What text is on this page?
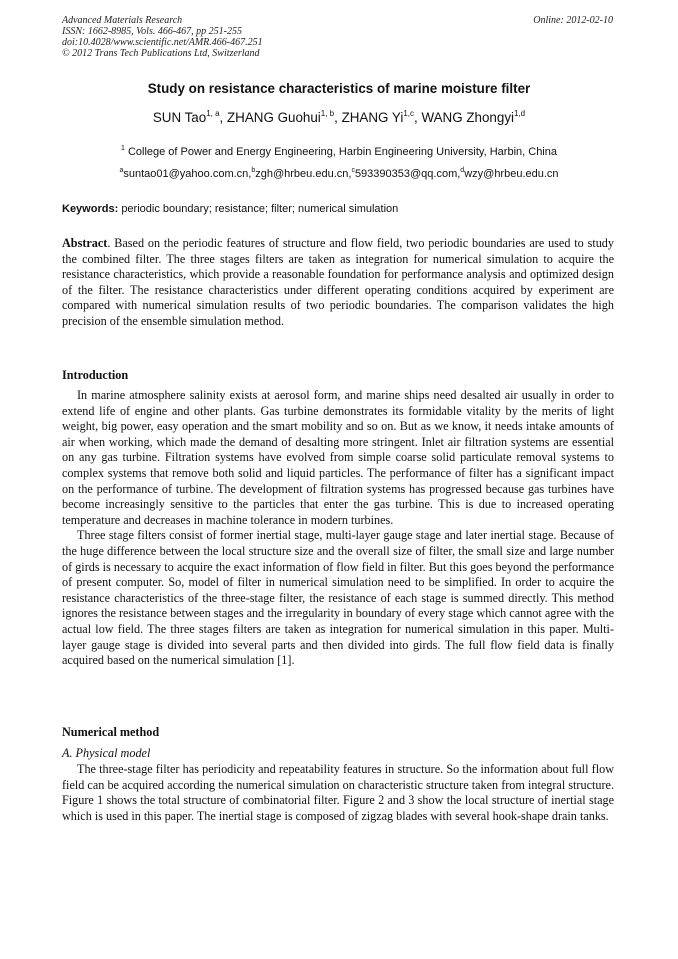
Advanced Materials Research
ISSN: 1662-8985, Vols. 466-467, pp 251-255
doi:10.4028/www.scientific.net/AMR.466-467.251
© 2012 Trans Tech Publications Ltd, Switzerland
Online: 2012-02-10
Study on resistance characteristics of marine moisture filter
SUN Tao$^{1, a}$, ZHANG Guohui$^{1, b}$, ZHANG Yi$^{1,c}$, WANG Zhongyi$^{1,d}$
$^1$ College of Power and Energy Engineering, Harbin Engineering University, Harbin, China
$^a$suntao01@yahoo.com.cn,$^b$zgh@hrbeu.edu.cn,$^c$593390353@qq.com,$^d$wzy@hrbeu.edu.cn
Keywords: periodic boundary; resistance; filter; numerical simulation
Abstract. Based on the periodic features of structure and flow field, two periodic boundaries are used to study the combined filter. The three stages filters are taken as integration for numerical simulation to acquire the resistance characteristics, which provide a reasonable foundation for performance analysis and optimized design of the filter. The resistance characteristics under different operating conditions acquired by experiment are compared with numerical simulation results of two periodic boundaries. The comparison validates the high precision of the ensemble simulation method.
Introduction

In marine atmosphere salinity exists at aerosol form, and marine ships need desalted air usually in order to extend life of engine and other plants. Gas turbine demonstrates its formidable vitality by the merits of light weight, big power, easy operation and the smart mobility and so on. But as we know, it needs intake amounts of air when working, which made the demand of desalting more stringent. Inlet air filtration systems are essential on any gas turbine. Filtration systems have evolved from simple coarse solid particulate removal systems to complex systems that remove both solid and liquid particles. The performance of filter has a significant impact on the performance of turbine. The development of filtration systems has progressed because gas turbines have become increasingly sensitive to the particles that enter the gas turbine. This is due to increased operating temperature and decreases in machine tolerance in modern turbines.

Three stage filters consist of former inertial stage, multi-layer gauge stage and later inertial stage. Because of the huge difference between the local structure size and the overall size of filter, the small size and large number of girds is necessary to acquire the exact information of flow field in filter. But this goes beyond the performance of present computer. So, model of filter in numerical simulation need to be simplified. In order to acquire the resistance characteristics of the three-stage filter, the resistance of each stage is summed directly. This method ignores the resistance between stages and the irregularity in boundary of every stage which cannot agree with the actual low field. The three stages filters are taken as integration for numerical simulation in this paper. Multi-layer gauge stage is divided into several parts and then divided into girds. The full flow field data is finally acquired based on the numerical simulation [1].

Numerical method
A. Physical model

The three-stage filter has periodicity and repeatability features in structure. So the information about full flow field can be acquired according the numerical simulation on characteristic structure taken from integral structure. Figure 1 shows the total structure of combinatorial filter. Figure 2 and 3 show the local structure of inertial stage which is used in this paper. The inertial stage is composed of zigzag blades with several hook-shape drain tanks.
